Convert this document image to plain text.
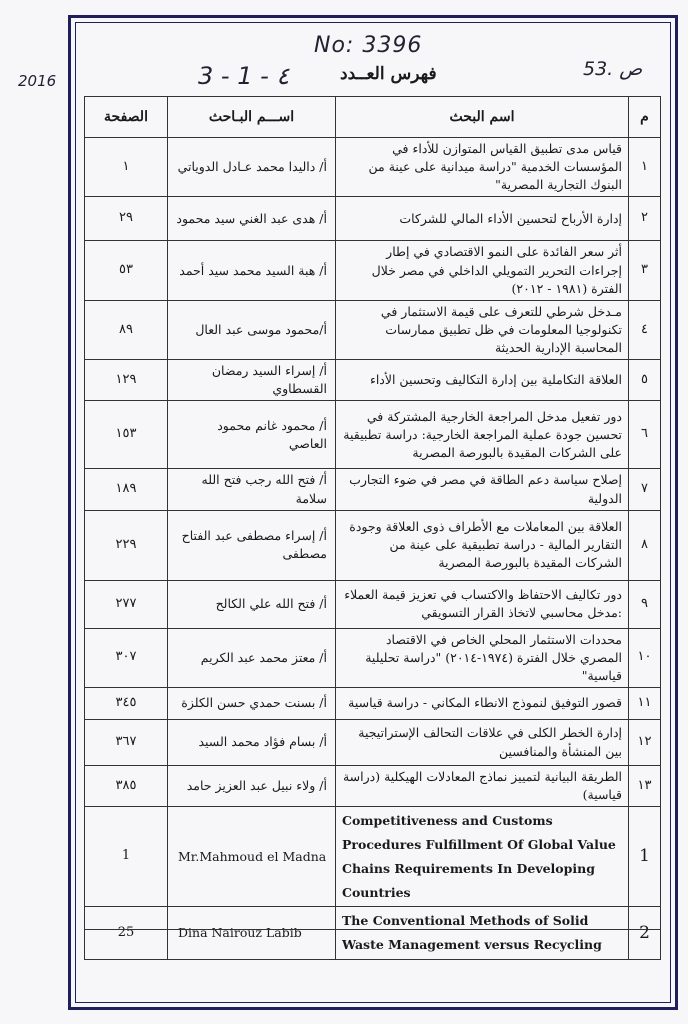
No: 3396
2016	3 - 1 - ٤	53. ص
فهرس العــدد
م	اسم البحث	اســـم البـاحث	الصفحة
١	قياس مدى تطبيق القياس المتوازن للأداء في المؤسسات الخدمية "دراسة ميدانية على عينة من البنوك التجارية المصرية"	أ/ داليدا محمد عـادل الدوياتي	١
٢	إدارة الأرباح لتحسين الأداء المالي للشركات	أ/ هدى عبد الغني سيد محمود	٢٩
٣	أثر سعر الفائدة على النمو الاقتصادي في إطار إجراءات التحرير التمويلي الداخلي في مصر خلال الفترة (١٩٨١ - ٢٠١٢)	أ/ هبة السيد محمد سيد أحمد	٥٣
٤	مـدخل شرطي للتعرف على قيمة الاستثمار في تكنولوجيا المعلومات في ظل تطبيق ممارسات المحاسبة الإدارية الحديثة	أ/محمود موسى عبد العال	٨٩
٥	العلاقة التكاملية بين إدارة التكاليف وتحسين الأداء	أ/ إسراء السيد رمضان القسطاوي	١٢٩
٦	دور تفعيل مدخل المراجعة الخارجية المشتركة في تحسين جودة عملية المراجعة الخارجية: دراسة تطبيقية على الشركات المقيدة بالبورصة المصرية	أ/ محمود غانم محمود العاصي	١٥٣
٧	إصلاح سياسة دعم الطاقة في مصر في ضوء التجارب الدولية	أ/ فتح الله رجب فتح الله سلامة	١٨٩
٨	العلاقة بين المعاملات مع الأطراف ذوى العلاقة وجودة التقارير المالية - دراسة تطبيقية على عينة من الشركات المقيدة بالبورصة المصرية	أ/ إسراء مصطفى عبد الفتاح مصطفى	٢٢٩
٩	دور تكاليف الاحتفاظ والاكتساب في تعزيز قيمة العملاء :مدخل محاسبي لاتخاذ القرار التسويقي	أ/ فتح الله علي الكالح	٢٧٧
١٠	محددات الاستثمار المحلي الخاص في الاقتصاد المصري خلال الفترة (١٩٧٤-٢٠١٤) "دراسة تحليلية قياسية"	أ/ معتز محمد عبد الكريم	٣٠٧
١١	قصور التوفيق لنموذج الانطاء المكاني - دراسة قياسية	أ/ بسنت حمدي حسن الكلزة	٣٤٥
١٢	إدارة الخطر الكلى في علاقات التحالف الإستراتيجية بين المنشأة والمنافسين	أ/ بسام فؤاد محمد السيد	٣٦٧
١٣	الطريقة البيانية لتمييز نماذج المعادلات الهيكلية (دراسة قياسية)	أ/ ولاء نبيل عبد العزيز حامد	٣٨٥
1	Competitiveness and Customs Procedures Fulfillment Of Global Value Chains Requirements In Developing Countries	Mr.Mahmoud el Madna	1
2	The Conventional Methods of Solid Waste Management versus Recycling	Dina Nairouz Labib	25
